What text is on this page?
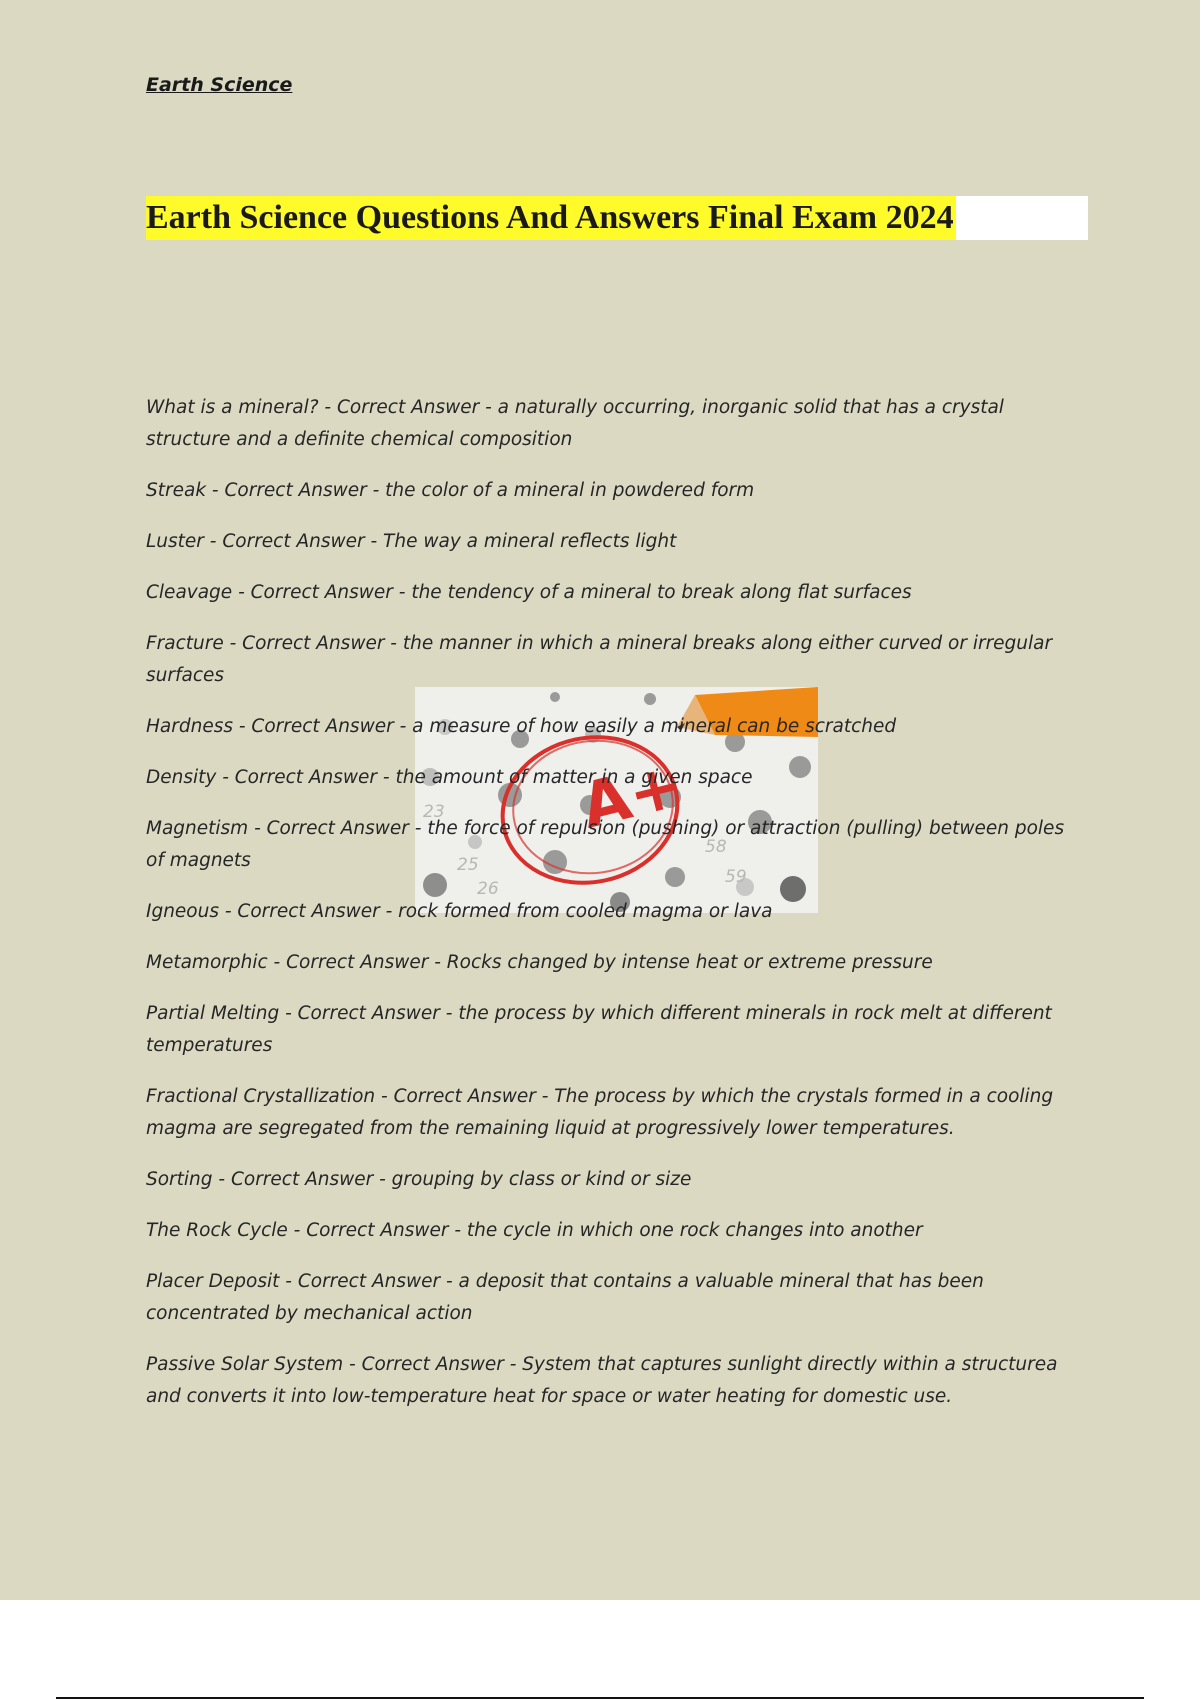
Earth Science
Earth Science Questions And Answers Final Exam 2024
23
25
26
58
59
A+
What is a mineral? - Correct Answer - a naturally occurring, inorganic solid that has a crystal structure and a definite chemical composition
Streak - Correct Answer - the color of a mineral in powdered form
Luster - Correct Answer - The way a mineral reflects light
Cleavage - Correct Answer - the tendency of a mineral to break along flat surfaces
Fracture - Correct Answer - the manner in which a mineral breaks along either curved or irregular surfaces
Hardness - Correct Answer - a measure of how easily a mineral can be scratched
Density - Correct Answer - the amount of matter in a given space
Magnetism - Correct Answer - the force of repulsion (pushing) or attraction (pulling) between poles of magnets
Igneous - Correct Answer - rock formed from cooled magma or lava
Metamorphic - Correct Answer - Rocks changed by intense heat or extreme pressure
Partial Melting - Correct Answer - the process by which different minerals in rock melt at different temperatures
Fractional Crystallization - Correct Answer - The process by which the crystals formed in a cooling magma are segregated from the remaining liquid at progressively lower temperatures.
Sorting - Correct Answer - grouping by class or kind or size
The Rock Cycle - Correct Answer - the cycle in which one rock changes into another
Placer Deposit - Correct Answer - a deposit that contains a valuable mineral that has been concentrated by mechanical action
Passive Solar System - Correct Answer - System that captures sunlight directly within a structurea and converts it into low-temperature heat for space or water heating for domestic use.
